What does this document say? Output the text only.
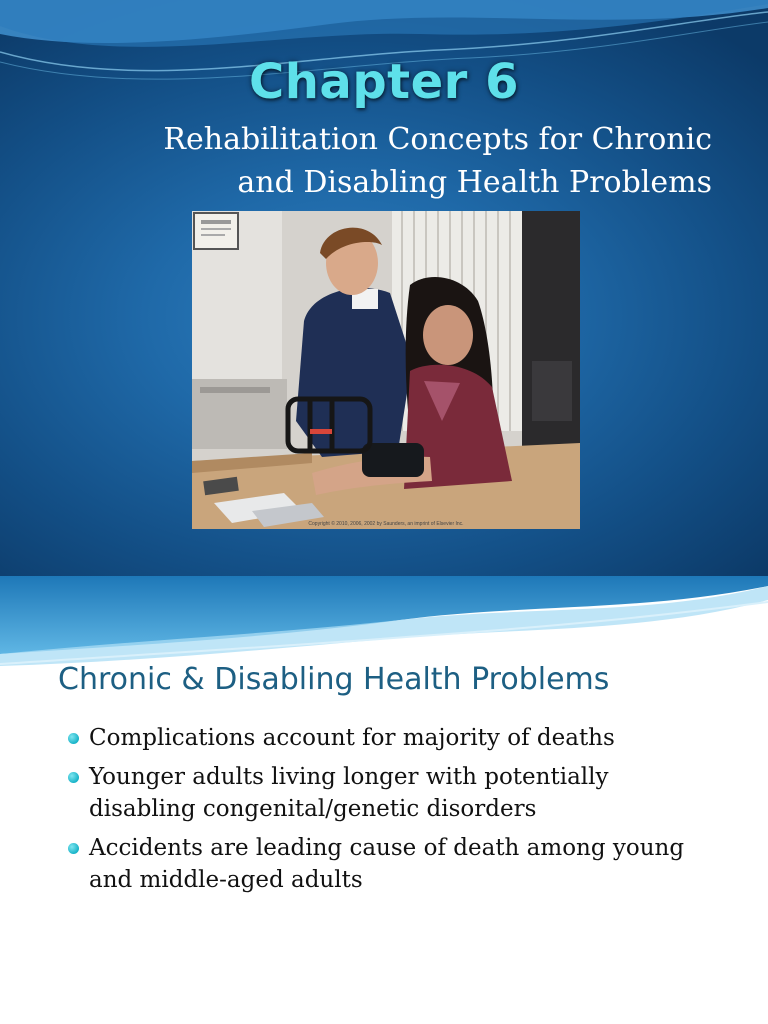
Chapter 6
Rehabilitation Concepts for Chronic
and Disabling Health Problems
Copyright © 2010, 2006, 2002 by Saunders, an imprint of Elsevier Inc.
Chronic & Disabling Health Problems
Complications account for majority of deaths
Younger adults living longer with potentially
disabling congenital/genetic disorders
Accidents are leading cause of death among young
and middle-aged adults
